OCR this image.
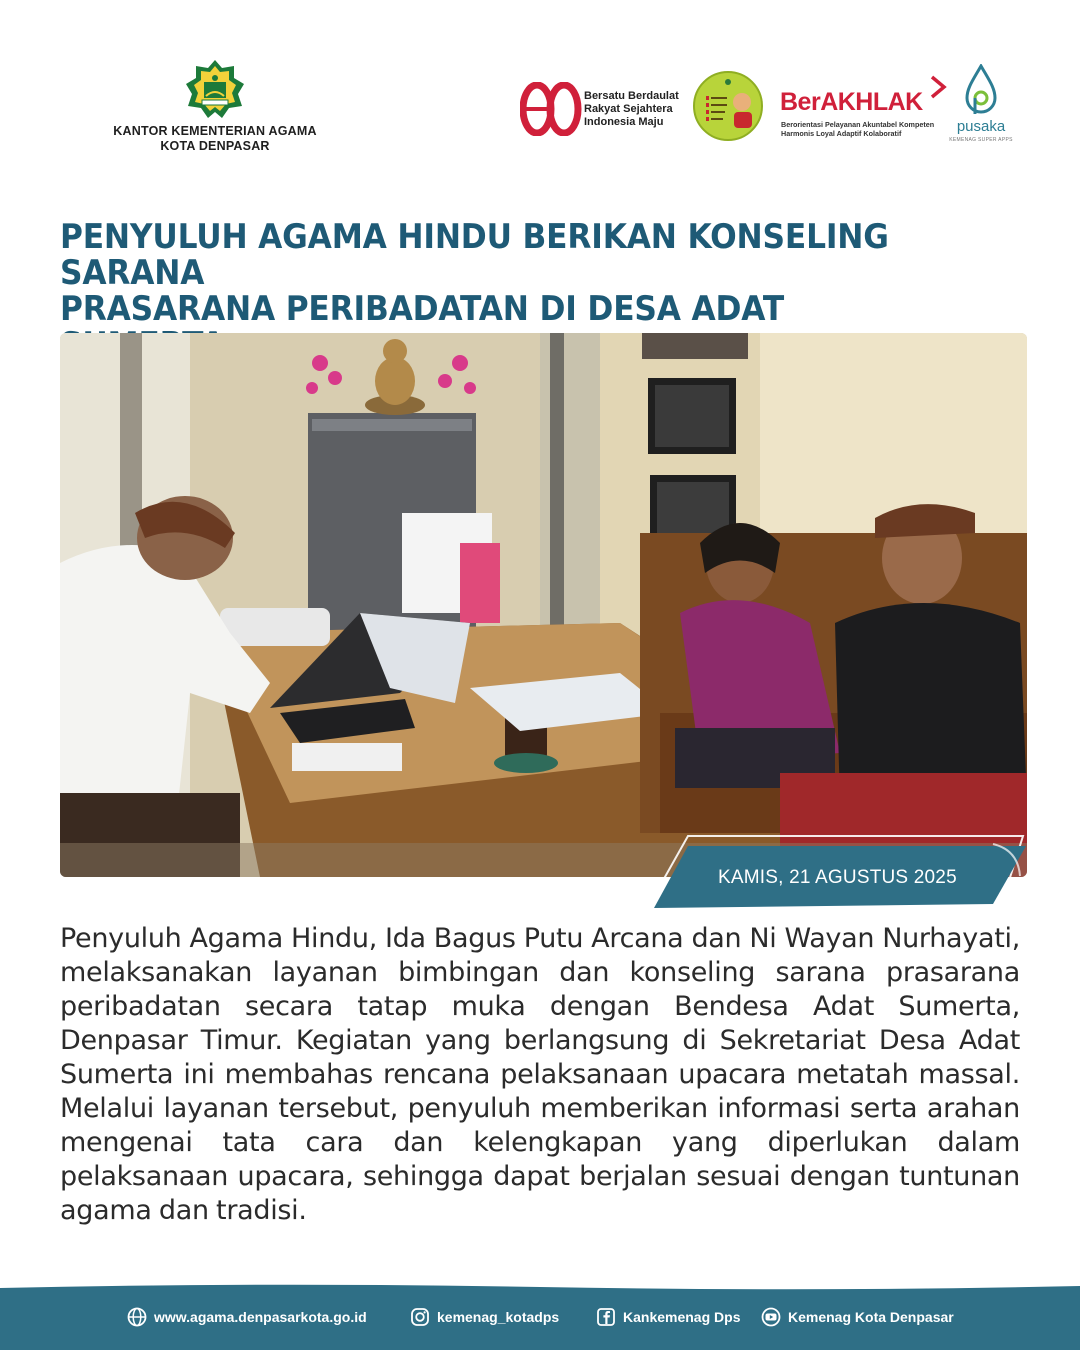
KANTOR KEMENTERIAN AGAMA
KOTA DENPASAR
Bersatu Berdaulat
Rakyat Sejahtera
Indonesia Maju
BerAKHLAK
Berorientasi Pelayanan Akuntabel Kompeten
Harmonis Loyal Adaptif Kolaboratif	pusaka
KEMENAG SUPER APPS
PENYULUH AGAMA HINDU BERIKAN KONSELING SARANA
PRASARANA PERIBADATAN DI DESA ADAT
KAMIS, 21 AGUSTUS 2025

Penyuluh Agama Hindu, Ida Bagus Putu Arcana dan Ni Wayan Nurhayati, melaksanakan layanan bimbingan dan konseling sarana prasarana peribadatan secara tatap muka dengan Bendesa Adat Sumerta, Denpasar Timur. Kegiatan yang berlangsung di Sekretariat Desa Adat Sumerta ini membahas rencana pelaksanaan upacara metatah massal. Melalui layanan tersebut, penyuluh memberikan informasi serta arahan mengenai tata cara dan kelengkapan yang diperlukan dalam pelaksanaan upacara, sehingga dapat berjalan sesuai dengan tuntunan agama dan tradisi.

www.agama.denpasarkota.go.id	kemenag_kotadps	Kankemenag Dps	Kemenag Kota Denpasar
